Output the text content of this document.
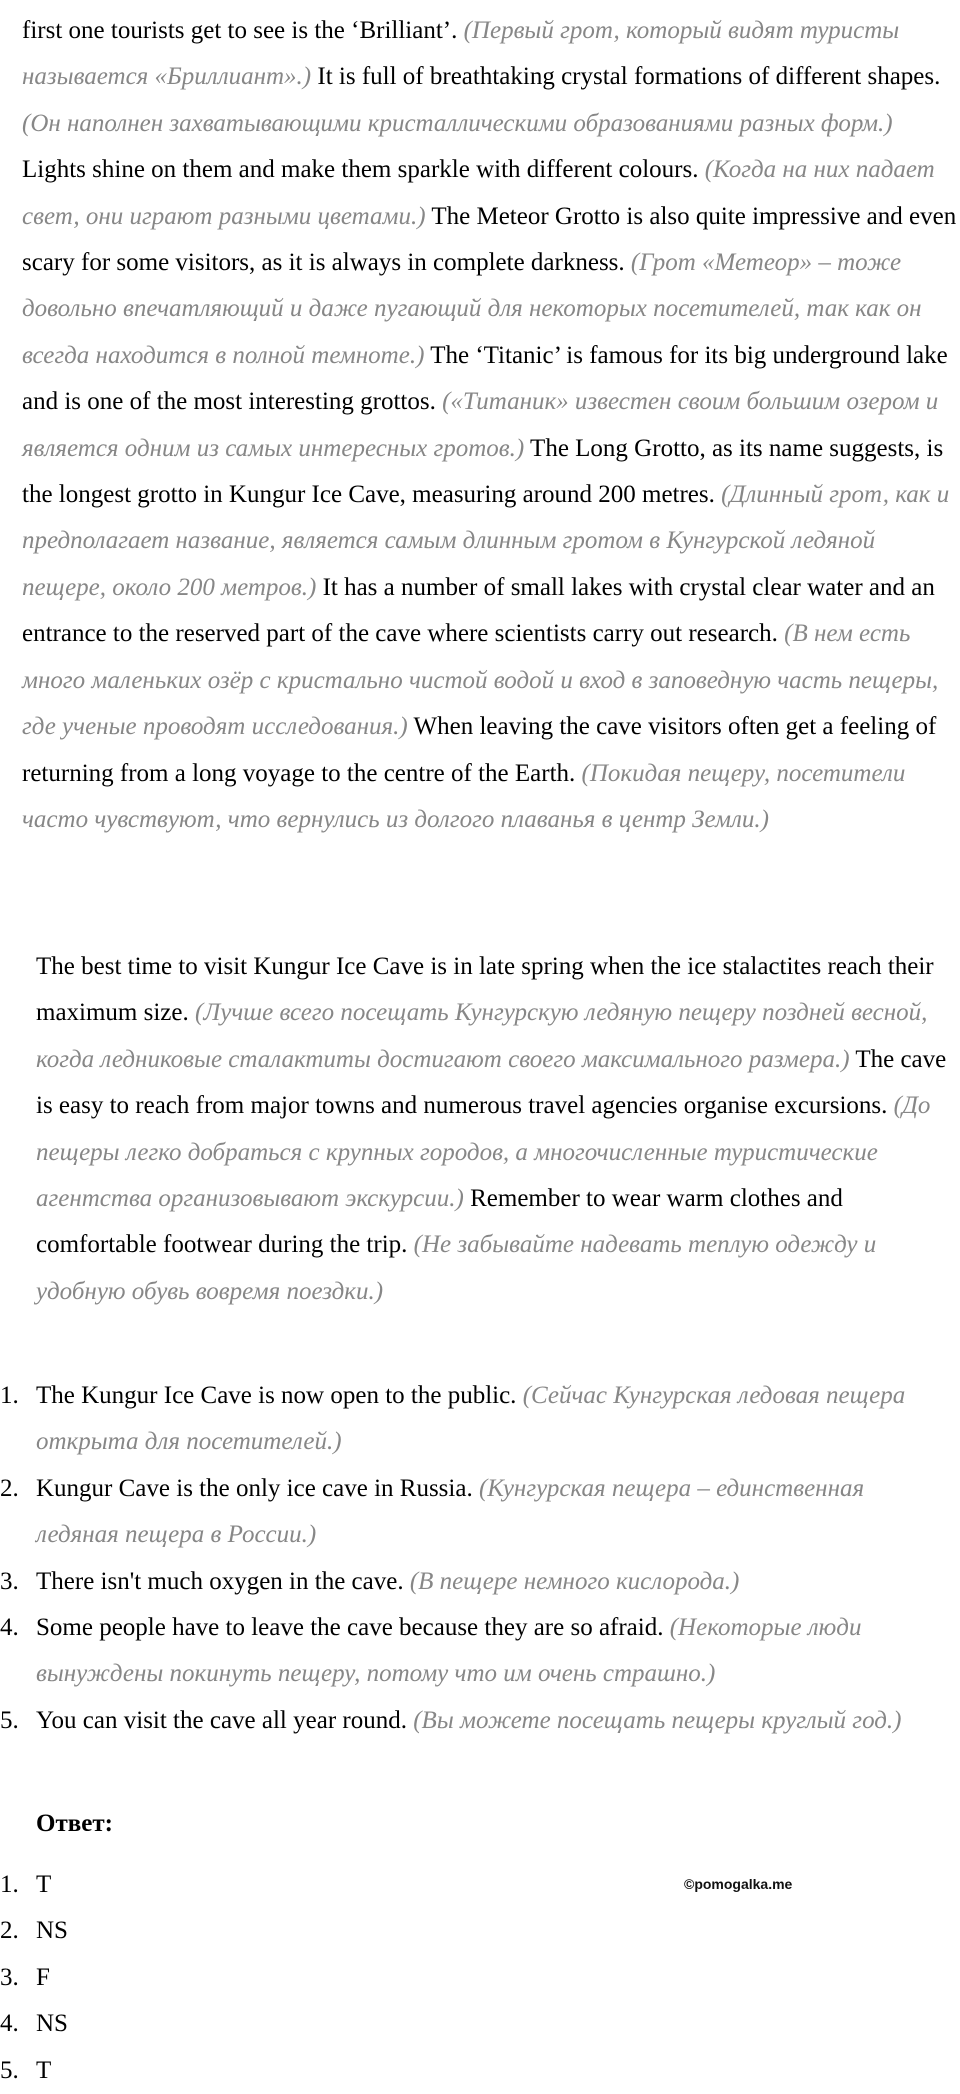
first one tourists get to see is the ‘Brilliant’. (Первый грот, который видят туристы называется «Бриллиант».) It is full of breathtaking crystal formations of different shapes. (Он наполнен захватывающими кристаллическими образованиями разных форм.) Lights shine on them and make them sparkle with different colours. (Когда на них падает свет, они играют разными цветами.) The Meteor Grotto is also quite impressive and even scary for some visitors, as it is always in complete darkness. (Грот «Метеор» – тоже довольно впечатляющий и даже пугающий для некоторых посетителей, так как он всегда находится в полной темноте.) The ‘Titanic’ is famous for its big underground lake and is one of the most interesting grottos. («Титаник» известен своим большим озером и является одним из самых интересных гротов.) The Long Grotto, as its name suggests, is the longest grotto in Kungur Ice Cave, measuring around 200 metres. (Длинный грот, как и предполагает название, является самым длинным гротом в Кунгурской ледяной пещере, около 200 метров.) It has a number of small lakes with crystal clear water and an entrance to the reserved part of the cave where scientists carry out research. (В нем есть много маленьких озёр с кристально чистой водой и вход в заповедную часть пещеры, где ученые проводят исследования.) When leaving the cave visitors often get a feeling of returning from a long voyage to the centre of the Earth. (Покидая пещеру, посетители часто чувствуют, что вернулись из долгого плаванья в центр Земли.)

The best time to visit Kungur Ice Cave is in late spring when the ice stalactites reach their maximum size. (Лучше всего посещать Кунгурскую ледяную пещеру поздней весной, когда ледниковые сталактиты достигают своего максимального размера.) The cave is easy to reach from major towns and numerous travel agencies organise excursions. (До пещеры легко добраться с крупных городов, а многочисленные туристические агентства организовывают экскурсии.) Remember to wear warm clothes and comfortable footwear during the trip. (Не забывайте надевать теплую одежду и удобную обувь вовремя поездки.)

1. The Kungur Ice Cave is now open to the public. (Сейчас Кунгурская ледовая пещера открыта для посетителей.)
2. Kungur Cave is the only ice cave in Russia. (Кунгурская пещера – единственная ледяная пещера в России.)
3. There isn't much oxygen in the cave. (В пещере немного кислорода.)
4. Some people have to leave the cave because they are so afraid. (Некоторые люди вынуждены покинуть пещеру, потому что им очень страшно.)
5. You can visit the cave all year round. (Вы можете посещать пещеры круглый год.)

Ответ:

1. T
2. NS
3. F
4. NS
5. T
©pomogalka.me
